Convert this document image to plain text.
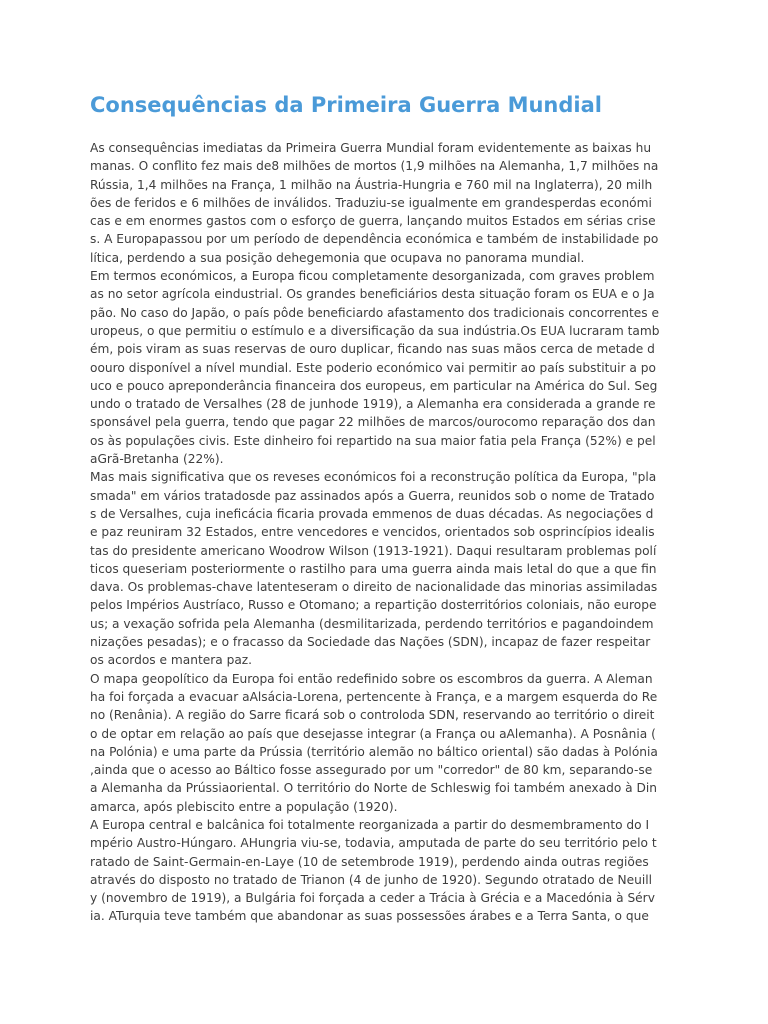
Consequências da Primeira Guerra Mundial
As consequências imediatas da Primeira Guerra Mundial foram evidentemente as baixas hu
manas. O conflito fez mais de8 milhões de mortos (1,9 milhões na Alemanha, 1,7 milhões na
Rússia, 1,4 milhões na França, 1 milhão na Áustria-Hungria e 760 mil na Inglaterra), 20 milh
ões de feridos e 6 milhões de inválidos. Traduziu-se igualmente em grandesperdas económi
cas e em enormes gastos com o esforço de guerra, lançando muitos Estados em sérias crise
s. A Europapassou por um período de dependência económica e também de instabilidade po
lítica, perdendo a sua posição dehegemonia que ocupava no panorama mundial.
Em termos económicos, a Europa ficou completamente desorganizada, com graves problem
as no setor agrícola eindustrial. Os grandes beneficiários desta situação foram os EUA e o Ja
pão. No caso do Japão, o país pôde beneficiardo afastamento dos tradicionais concorrentes e
uropeus, o que permitiu o estímulo e a diversificação da sua indústria.Os EUA lucraram tamb
ém, pois viram as suas reservas de ouro duplicar, ficando nas suas mãos cerca de metade d
oouro disponível a nível mundial. Este poderio económico vai permitir ao país substituir a po
uco e pouco apreponderância financeira dos europeus, em particular na América do Sul. Seg
undo o tratado de Versalhes (28 de junhode 1919), a Alemanha era considerada a grande re
sponsável pela guerra, tendo que pagar 22 milhões de marcos/ourocomo reparação dos dan
os às populações civis. Este dinheiro foi repartido na sua maior fatia pela França (52%) e pel
aGrã-Bretanha (22%).
Mas mais significativa que os reveses económicos foi a reconstrução política da Europa, "pla
smada" em vários tratadosde paz assinados após a Guerra, reunidos sob o nome de Tratado
s de Versalhes, cuja ineficácia ficaria provada emmenos de duas décadas. As negociações d
e paz reuniram 32 Estados, entre vencedores e vencidos, orientados sob osprincípios idealis
tas do presidente americano Woodrow Wilson (1913-1921). Daqui resultaram problemas polí
ticos queseriam posteriormente o rastilho para uma guerra ainda mais letal do que a que fin
dava. Os problemas-chave latenteseram o direito de nacionalidade das minorias assimiladas
pelos Impérios Austríaco, Russo e Otomano; a repartição dosterritórios coloniais, não europe
us; a vexação sofrida pela Alemanha (desmilitarizada, perdendo territórios e pagandoindem
nizações pesadas); e o fracasso da Sociedade das Nações (SDN), incapaz de fazer respeitar
os acordos e mantera paz.
O mapa geopolítico da Europa foi então redefinido sobre os escombros da guerra. A Aleman
ha foi forçada a evacuar aAlsácia-Lorena, pertencente à França, e a margem esquerda do Re
no (Renânia). A região do Sarre ficará sob o controloda SDN, reservando ao território o direit
o de optar em relação ao país que desejasse integrar (a França ou aAlemanha). A Posnânia (
na Polónia) e uma parte da Prússia (território alemão no báltico oriental) são dadas à Polónia
,ainda que o acesso ao Báltico fosse assegurado por um "corredor" de 80 km, separando-se
a Alemanha da Prússiaoriental. O território do Norte de Schleswig foi também anexado à Din
amarca, após plebiscito entre a população (1920).
A Europa central e balcânica foi totalmente reorganizada a partir do desmembramento do I
mpério Austro-Húngaro. AHungria viu-se, todavia, amputada de parte do seu território pelo t
ratado de Saint-Germain-en-Laye (10 de setembrode 1919), perdendo ainda outras regiões
através do disposto no tratado de Trianon (4 de junho de 1920). Segundo otratado de Neuill
y (novembro de 1919), a Bulgária foi forçada a ceder a Trácia à Grécia e a Macedónia à Sérv
ia. ATurquia teve também que abandonar as suas possessões árabes e a Terra Santa, o que
